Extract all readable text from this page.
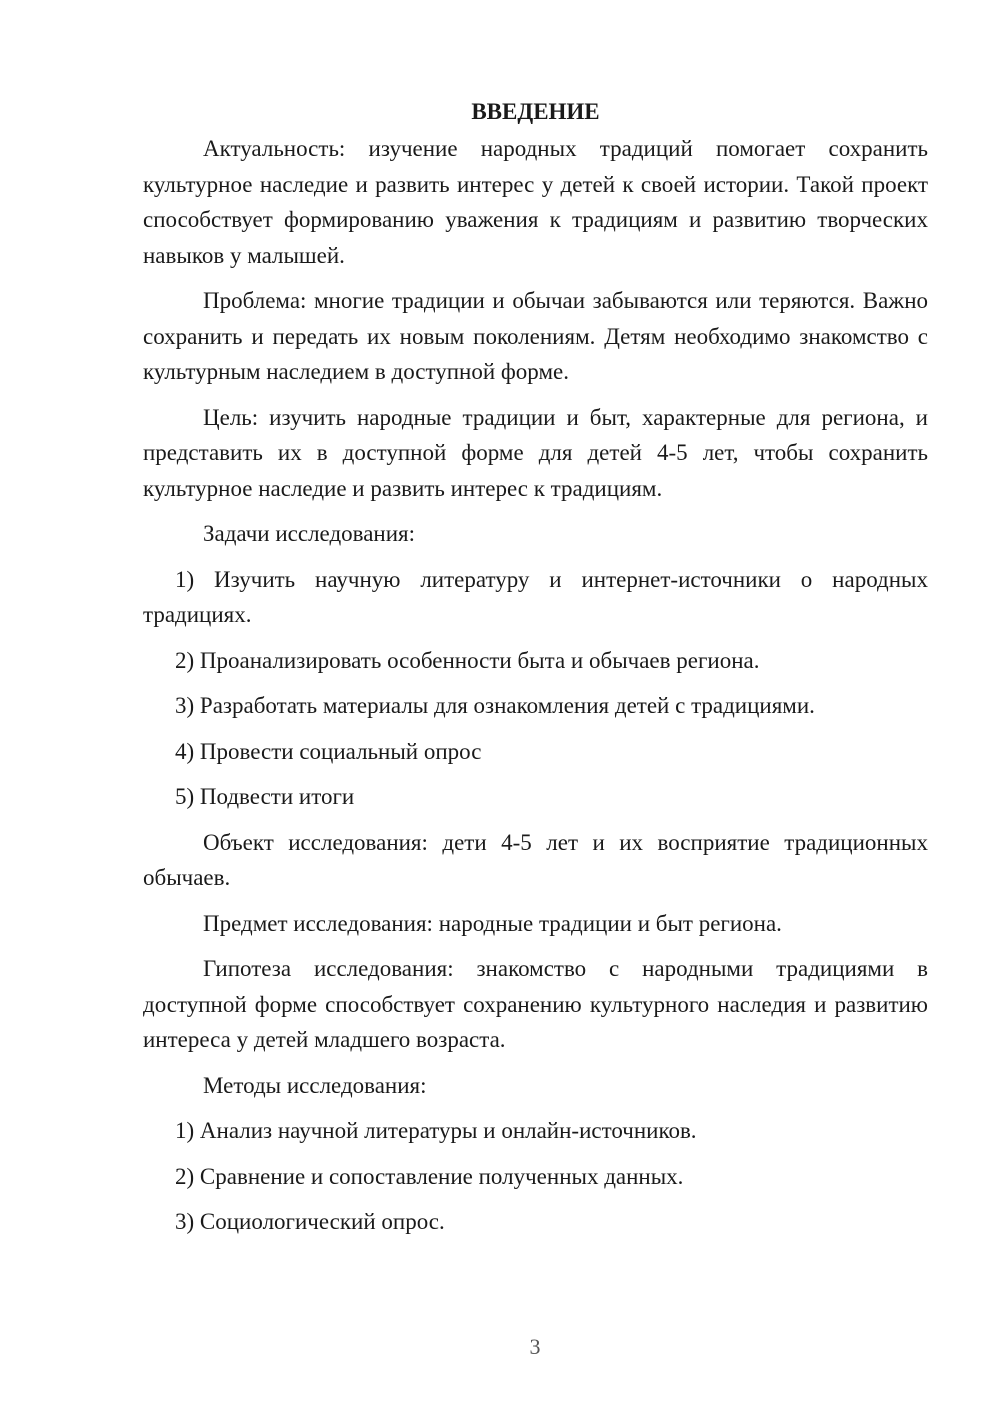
ВВЕДЕНИЕ

Актуальность: изучение народных традиций помогает сохранить культурное наследие и развить интерес у детей к своей истории. Такой проект способствует формированию уважения к традициям и развитию творческих навыков у малышей.

Проблема: многие традиции и обычаи забываются или теряются. Важно сохранить и передать их новым поколениям. Детям необходимо знакомство с культурным наследием в доступной форме.

Цель: изучить народные традиции и быт, характерные для региона, и представить их в доступной форме для детей 4-5 лет, чтобы сохранить культурное наследие и развить интерес к традициям.

Задачи исследования:

1) Изучить научную литературу и интернет-источники о народных традициях.
2) Проанализировать особенности быта и обычаев региона.
3) Разработать материалы для ознакомления детей с традициями.
4) Провести социальный опрос
5) Подвести итоги

Объект исследования: дети 4-5 лет и их восприятие традиционных обычаев.

Предмет исследования: народные традиции и быт региона.

Гипотеза исследования: знакомство с народными традициями в доступной форме способствует сохранению культурного наследия и развитию интереса у детей младшего возраста.

Методы исследования:

1) Анализ научной литературы и онлайн-источников.
2) Сравнение и сопоставление полученных данных.
3) Социологический опрос.
3
